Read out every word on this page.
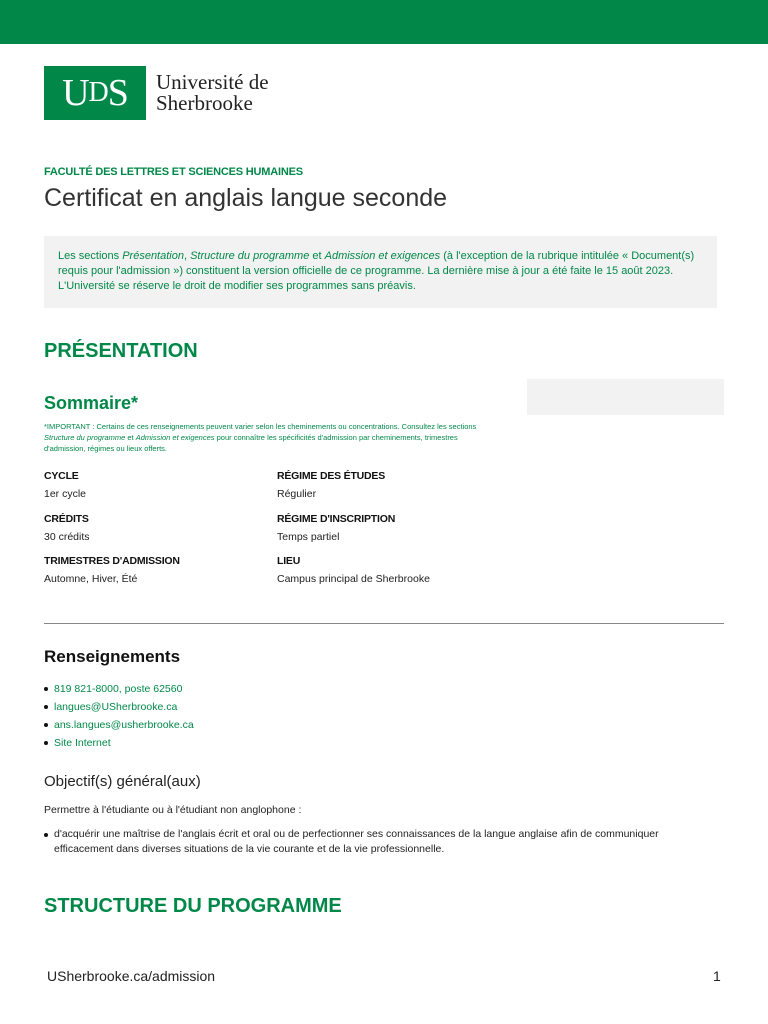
U D S Université de
Sherbrooke
FACULTÉ DES LETTRES ET SCIENCES HUMAINES
Certificat en anglais langue seconde
Les sections Présentation, Structure du programme et Admission et exigences (à l'exception de la rubrique intitulée « Document(s) requis pour l'admission ») constituent la version officielle de ce programme. La dernière mise à jour a été faite le 15 août 2023. L'Université se réserve le droit de modifier ses programmes sans préavis.
PRÉSENTATION
Sommaire*
*IMPORTANT : Certains de ces renseignements peuvent varier selon les cheminements ou concentrations. Consultez les sections Structure du programme et Admission et exigences pour connaître les spécificités d'admission par cheminements, trimestres d'admission, régimes ou lieux offerts.
CYCLE
1er cycle
RÉGIME DES ÉTUDES
Régulier
CRÉDITS
30 crédits
RÉGIME D'INSCRIPTION
Temps partiel
TRIMESTRES D'ADMISSION
Automne, Hiver, Été
LIEU
Campus principal de Sherbrooke
Renseignements
819 821-8000, poste 62560
langues@USherbrooke.ca
ans.langues@usherbrooke.ca
Site Internet
Objectif(s) général(aux)

Permettre à l'étudiante ou à l'étudiant non anglophone :

d'acquérir une maîtrise de l'anglais écrit et oral ou de perfectionner ses connaissances de la langue anglaise afin de communiquer efficacement dans diverses situations de la vie courante et de la vie professionnelle.
STRUCTURE DU PROGRAMME
USherbrooke.ca/admission	1
